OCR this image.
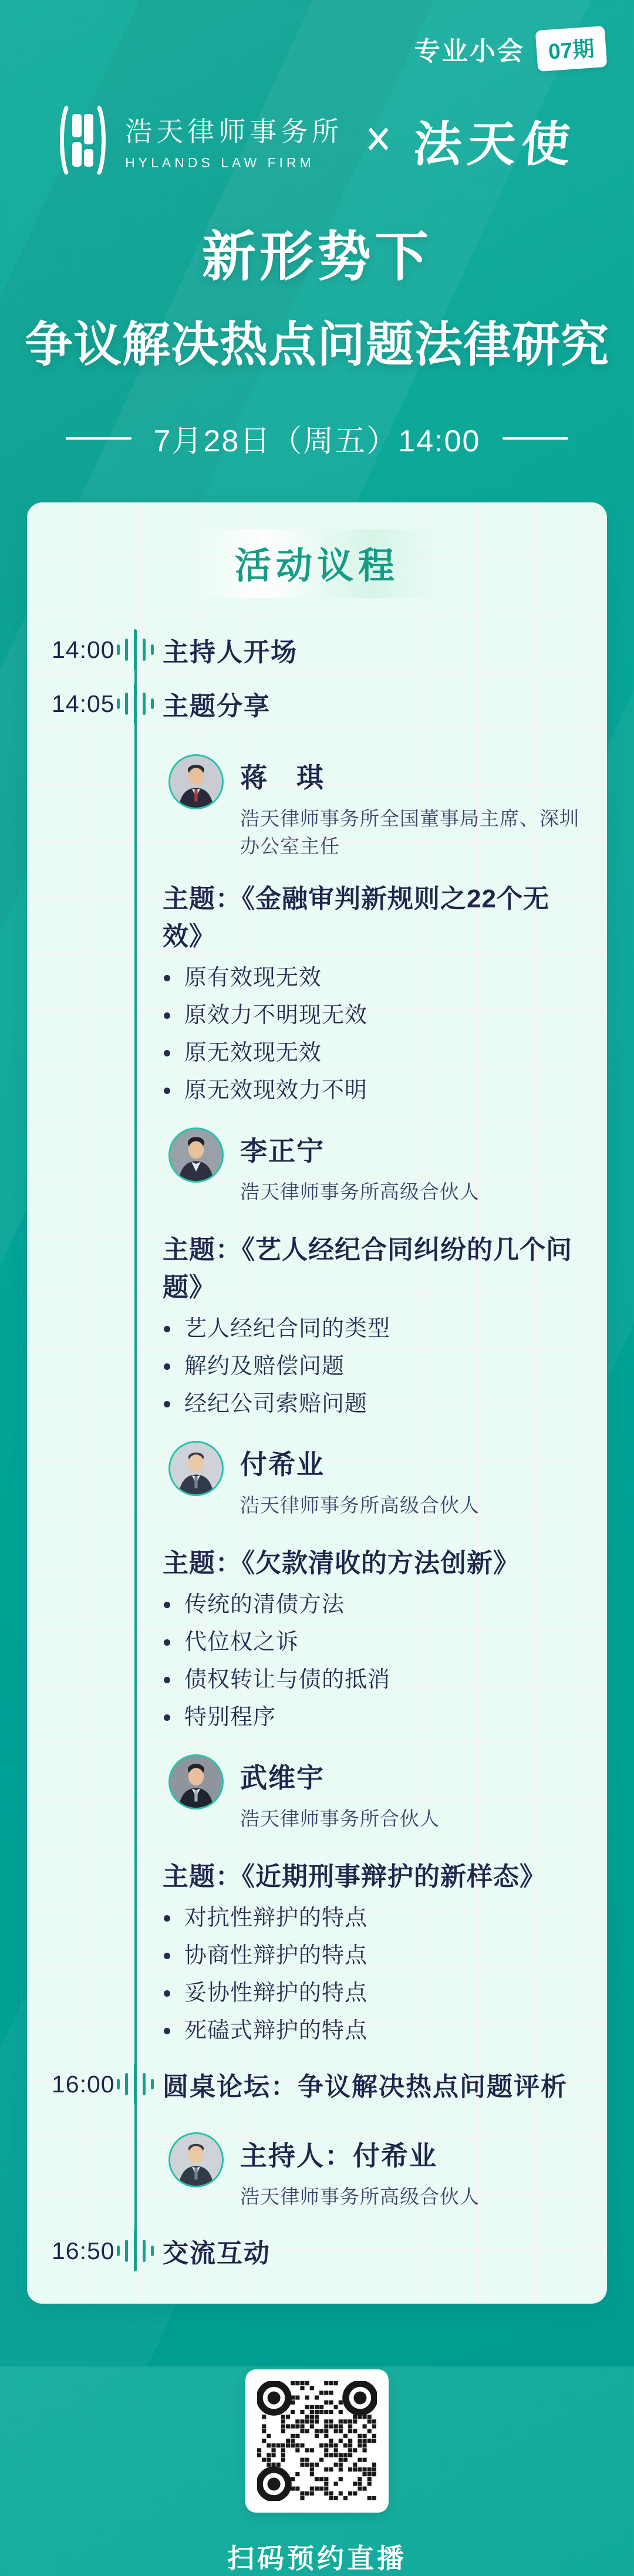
专业小会	07期
浩天律师事务所
HYLANDS LAW FIRM
✕ 法天使
新形势下
争议解决热点问题法律研究
7月28日（周五）14:00
活动议程
14:00 主持人开场
14:05 主题分享
蒋　琪
浩天律师事务所全国董事局主席、深圳办公室主任
主题：《金融审判新规则之22个无效》
原有效现无效
原效力不明现无效
原无效现无效
原无效现效力不明
李正宁
浩天律师事务所高级合伙人
主题：《艺人经纪合同纠纷的几个问题》
艺人经纪合同的类型
解约及赔偿问题
经纪公司索赔问题
付希业
浩天律师事务所高级合伙人
主题：《欠款清收的方法创新》
传统的清债方法
代位权之诉
债权转让与债的抵消
特别程序
武维宇
浩天律师事务所合伙人
主题：《近期刑事辩护的新样态》
对抗性辩护的特点
协商性辩护的特点
妥协性辩护的特点
死磕式辩护的特点
16:00 圆桌论坛：争议解决热点问题评析
主持人：付希业
浩天律师事务所高级合伙人
16:50 交流互动
扫码预约直播
